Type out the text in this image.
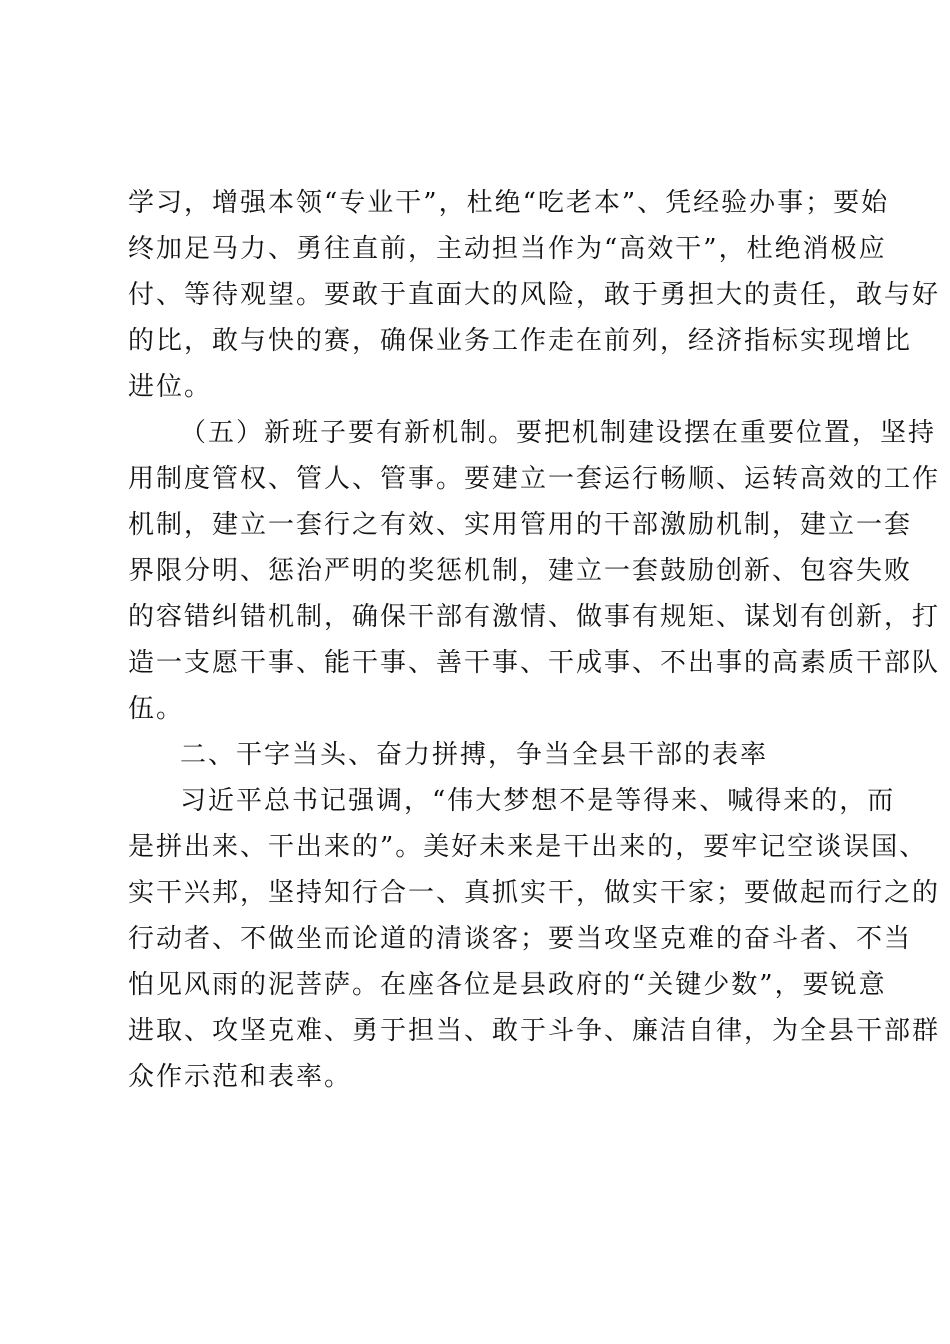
学习，增强本领“专业干”，杜绝“吃老本”、凭经验办事；要始
终加足马力、勇往直前，主动担当作为“高效干”，杜绝消极应
付、等待观望。要敢于直面大的风险，敢于勇担大的责任，敢与好
的比，敢与快的赛，确保业务工作走在前列，经济指标实现增比
进位。
（五）新班子要有新机制。要把机制建设摆在重要位置，坚持
用制度管权、管人、管事。要建立一套运行畅顺、运转高效的工作
机制，建立一套行之有效、实用管用的干部激励机制，建立一套
界限分明、惩治严明的奖惩机制，建立一套鼓励创新、包容失败
的容错纠错机制，确保干部有激情、做事有规矩、谋划有创新，打
造一支愿干事、能干事、善干事、干成事、不出事的高素质干部队
伍。
二、干字当头、奋力拼搏，争当全县干部的表率
习近平总书记强调，“伟大梦想不是等得来、喊得来的，而
是拼出来、干出来的”。美好未来是干出来的，要牢记空谈误国、
实干兴邦，坚持知行合一、真抓实干，做实干家；要做起而行之的
行动者、不做坐而论道的清谈客；要当攻坚克难的奋斗者、不当
怕见风雨的泥菩萨。在座各位是县政府的“关键少数”，要锐意
进取、攻坚克难、勇于担当、敢于斗争、廉洁自律，为全县干部群
众作示范和表率。
